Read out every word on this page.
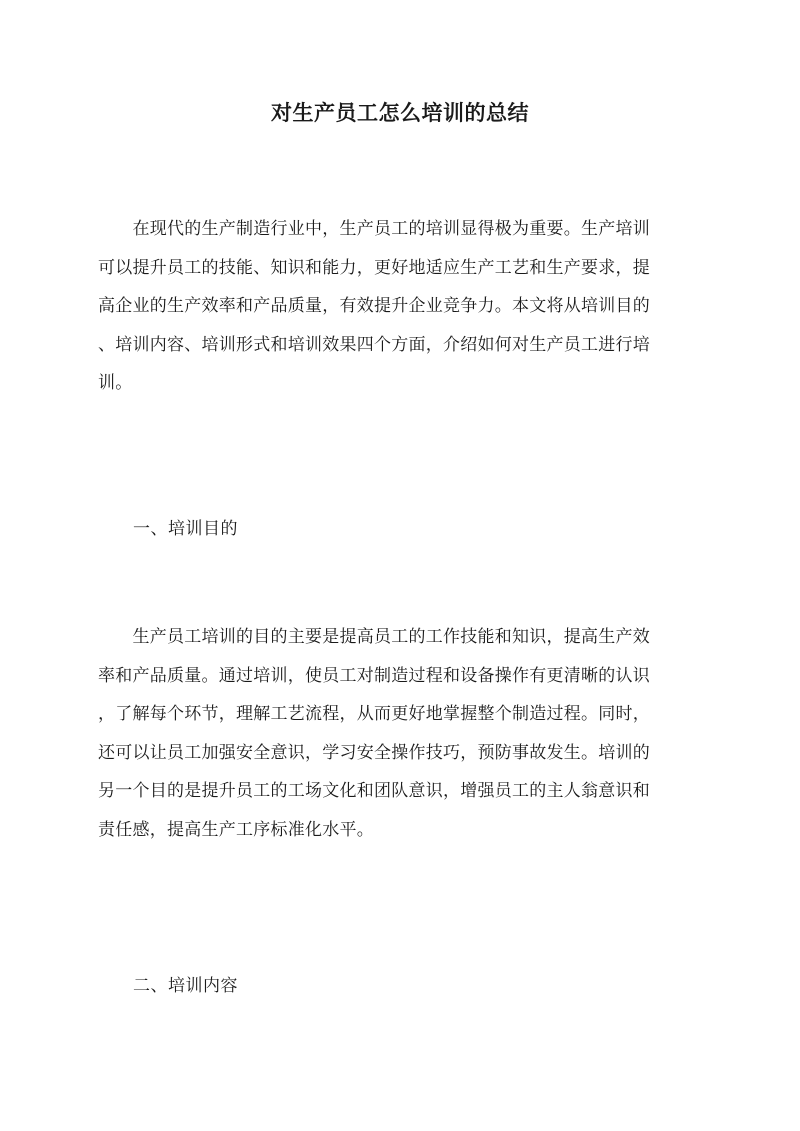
对生产员工怎么培训的总结
　　在现代的生产制造行业中，生产员工的培训显得极为重要。生产培训
可以提升员工的技能、知识和能力，更好地适应生产工艺和生产要求，提
高企业的生产效率和产品质量，有效提升企业竞争力。本文将从培训目的
、培训内容、培训形式和培训效果四个方面，介绍如何对生产员工进行培
训。
一、培训目的
　　生产员工培训的目的主要是提高员工的工作技能和知识，提高生产效
率和产品质量。通过培训，使员工对制造过程和设备操作有更清晰的认识
，了解每个环节，理解工艺流程，从而更好地掌握整个制造过程。同时，
还可以让员工加强安全意识，学习安全操作技巧，预防事故发生。培训的
另一个目的是提升员工的工场文化和团队意识，增强员工的主人翁意识和
责任感，提高生产工序标准化水平。
二、培训内容
